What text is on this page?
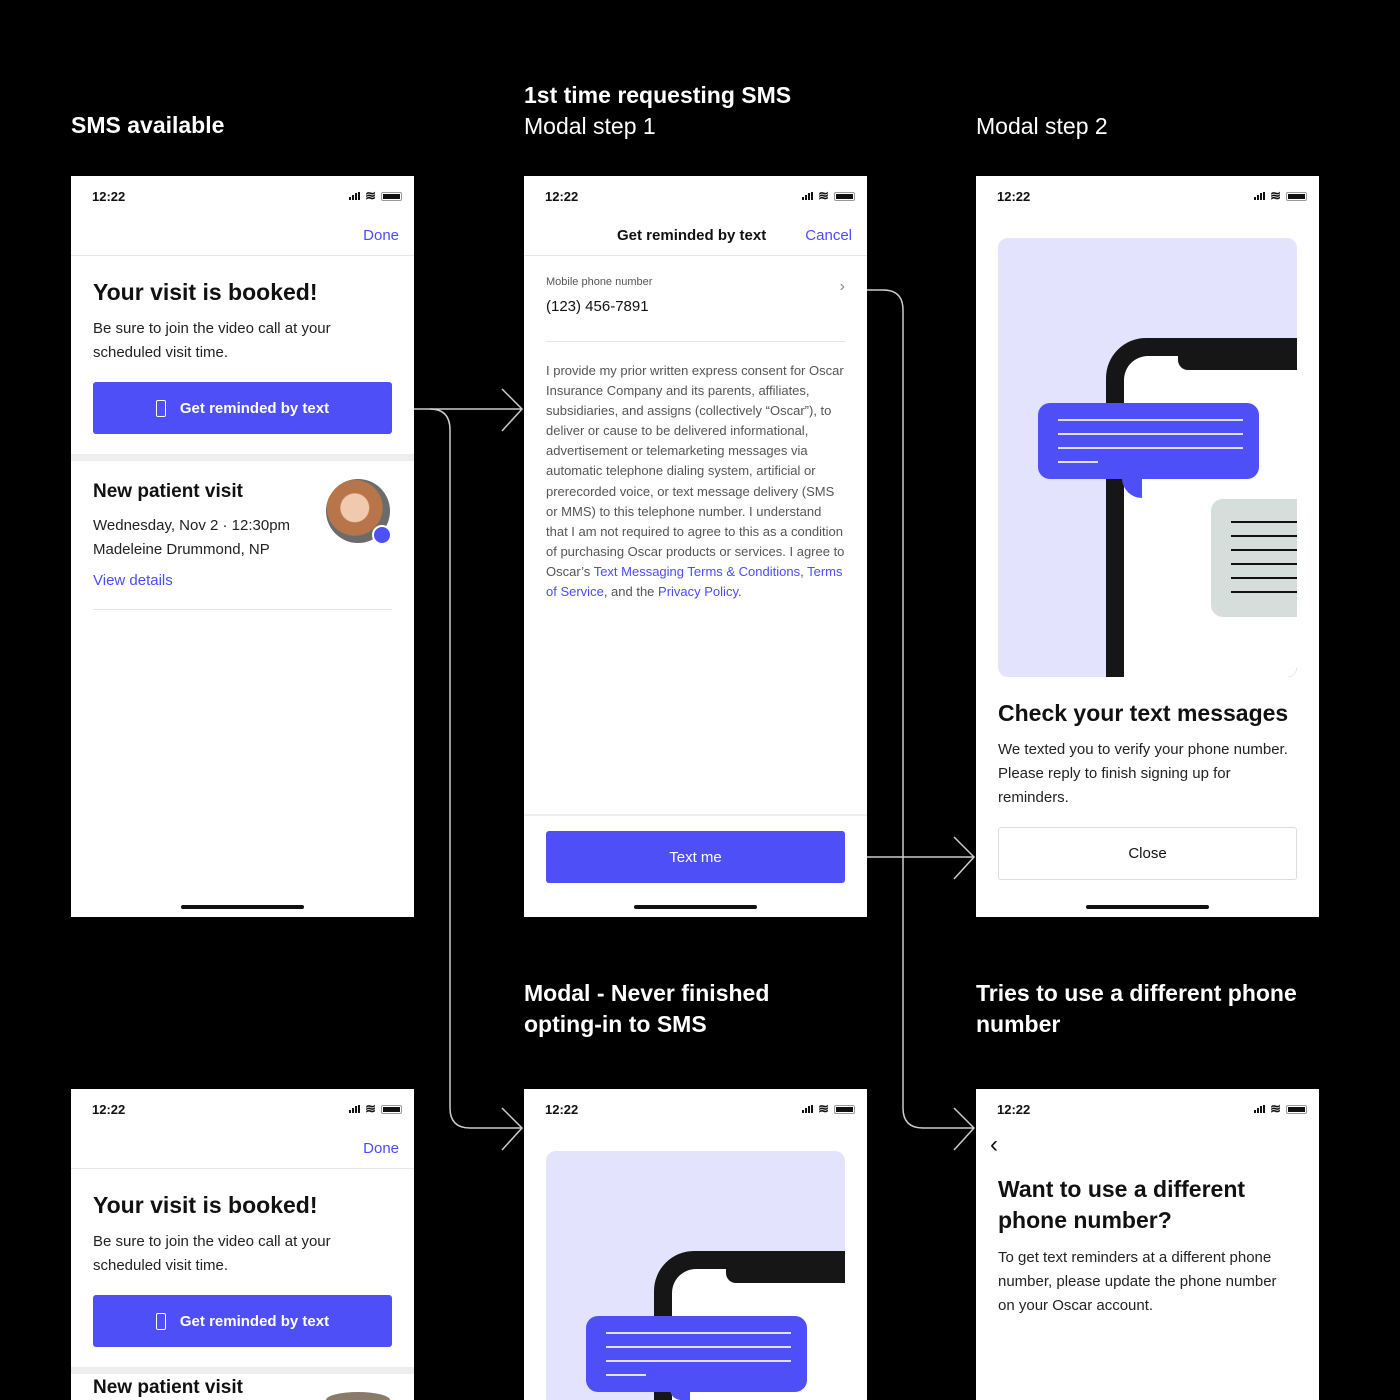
SMS available
1st time requesting SMS
Modal step 1	Modal step 2
Modal - Never finished opting-in to SMS
Tries to use a different phone number
12:22	≋
Done
Your visit is booked!
Be sure to join the video call at your scheduled visit time.
Get reminded by text
New patient visit
Wednesday, Nov 2 · 12:30pm
Madeleine Drummond, NP
View details
12:22	≋
Get reminded by text	Cancel
Mobile phone number
(123) 456-7891
›
I provide my prior written express consent for Oscar Insurance Company and its parents, affiliates, subsidiaries, and assigns (collectively “Oscar”), to deliver or cause to be delivered informational, advertisement or telemarketing messages via automatic telephone dialing system, artificial or prerecorded voice, or text message delivery (SMS or MMS) to this telephone number. I understand that I am not required to agree to this as a condition of purchasing Oscar products or services. I agree to Oscar’s Text Messaging Terms & Conditions, Terms of Service, and the Privacy Policy.
Text me
12:22	≋
Check your text messages
We texted you to verify your phone number. Please reply to finish signing up for reminders.
Close
12:22	≋
Done
Your visit is booked!
Be sure to join the video call at your scheduled visit time.
Get reminded by text
New patient visit
12:22	≋	12:22	≋
‹
Want to use a different phone number?
To get text reminders at a different phone number, please update the phone number on your Oscar account.
